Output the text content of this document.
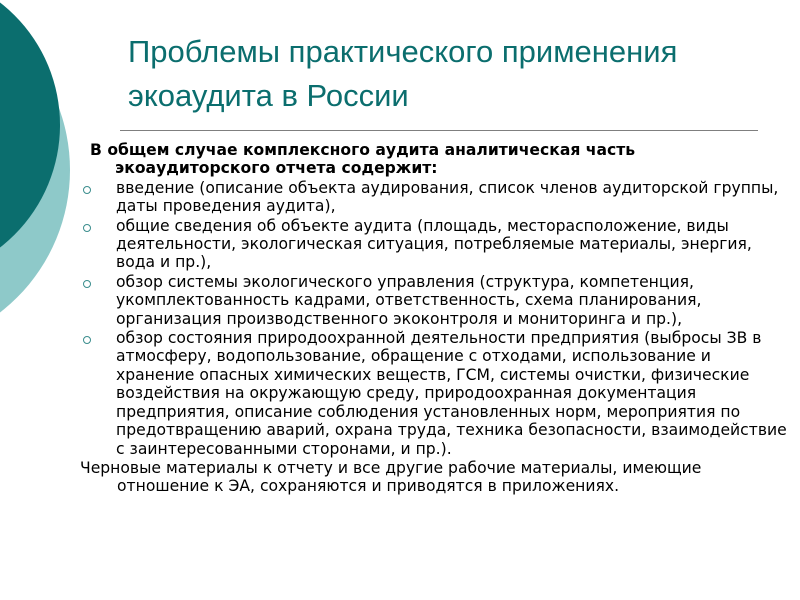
Проблемы практического применения экоаудита в России

В общем случае комплексного аудита аналитическая часть экоаудиторского отчета содержит:

введение (описание объекта аудирования, список членов аудиторской группы, даты проведения аудита),
общие сведения об объекте аудита (площадь, месторасположение, виды деятельности, экологическая ситуация, потребляемые материалы, энергия, вода и пр.),
обзор системы экологического управления (структура, компетенция, укомплектованность кадрами, ответственность, схема планирования, организация производственного экоконтроля и мониторинга и пр.),
обзор состояния природоохранной деятельности предприятия (выбросы ЗВ в атмосферу, водопользование, обращение с отходами, использование и хранение опасных химических веществ, ГСМ, системы очистки, физические воздействия на окружающую среду, природоохранная документация предприятия, описание соблюдения установленных норм, мероприятия по предотвращению аварий, охрана труда, техника безопасности, взаимодействие с заинтересованными сторонами, и пр.).

Черновые материалы к отчету и все другие рабочие материалы, имеющие отношение к ЭА, сохраняются и приводятся в приложениях.
